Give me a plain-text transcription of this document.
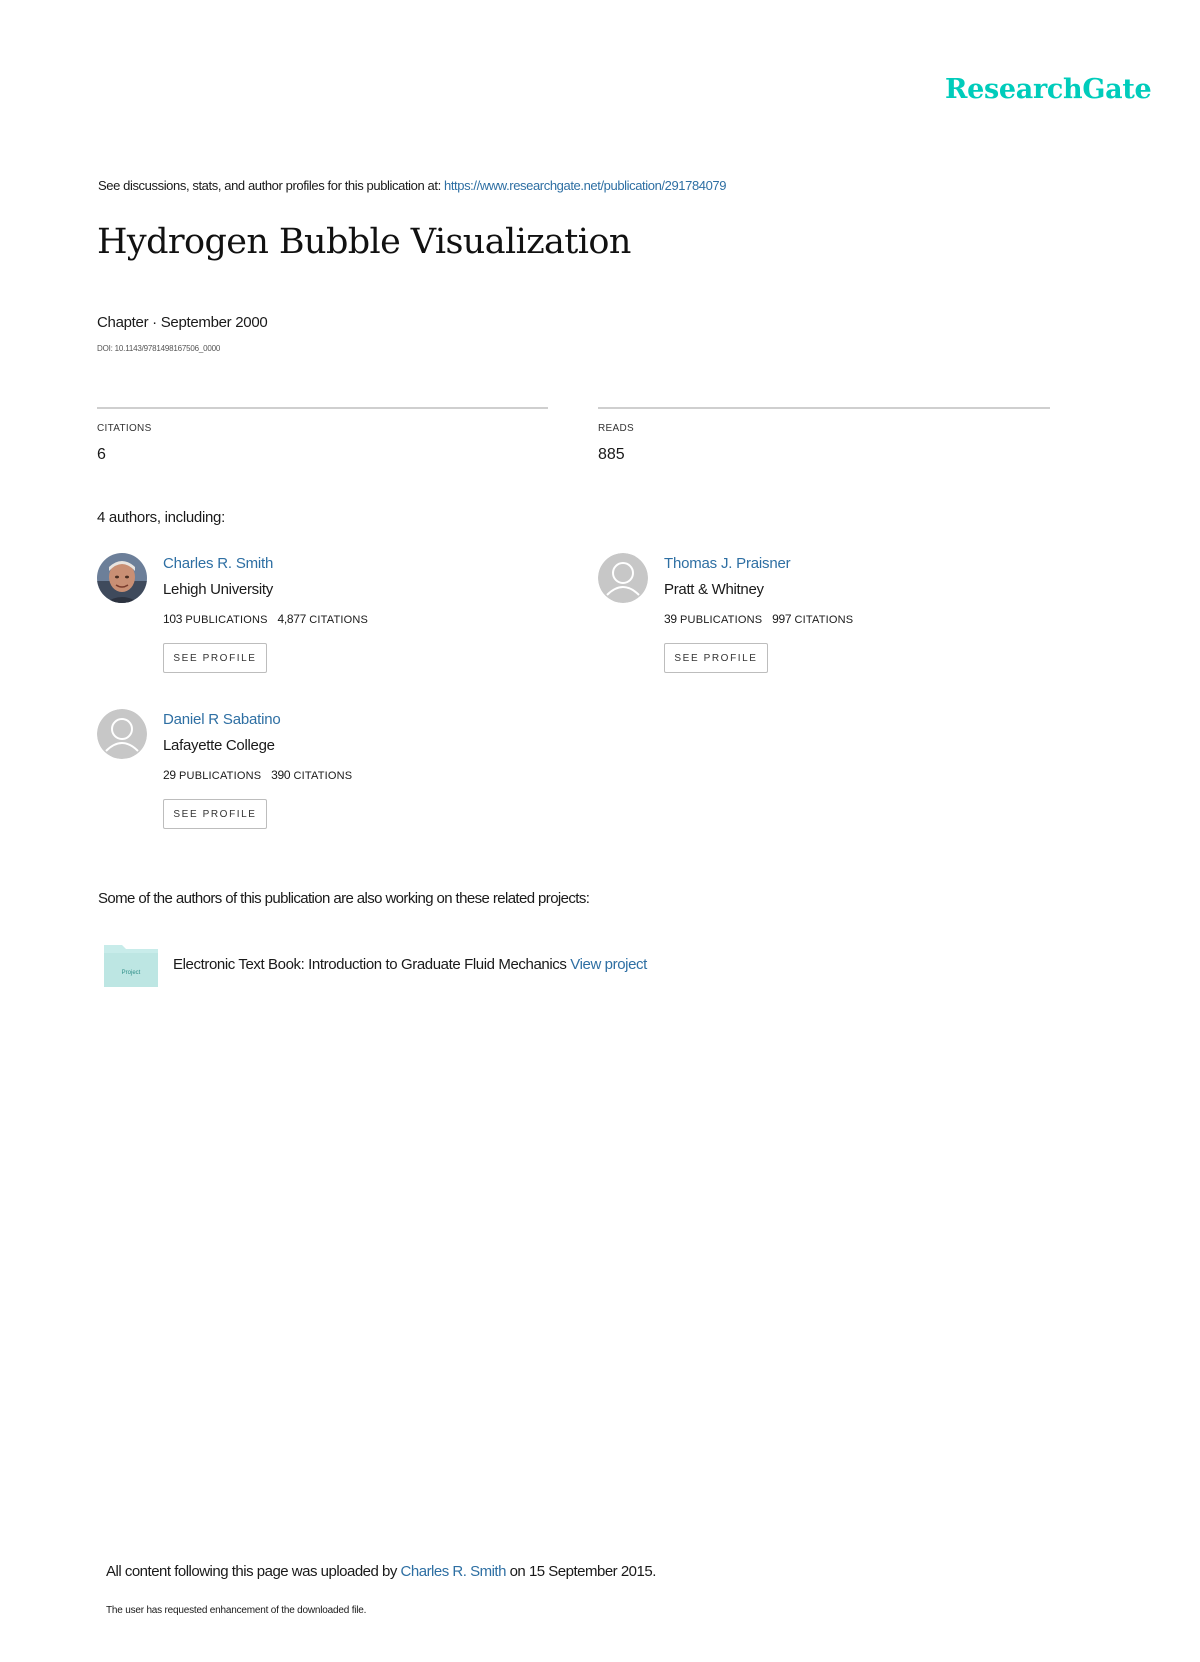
ResearchGate
See discussions, stats, and author profiles for this publication at: https://www.researchgate.net/publication/291784079
Hydrogen Bubble Visualization
Chapter · September 2000
DOI: 10.1143/9781498167506_0000
CITATIONS
6
READS
885
4 authors, including:
Charles R. Smith
Lehigh University
103 PUBLICATIONS 4,877 CITATIONS
SEE PROFILE
Thomas J. Praisner
Pratt & Whitney
39 PUBLICATIONS 997 CITATIONS
SEE PROFILE
Daniel R Sabatino
Lafayette College
29 PUBLICATIONS 390 CITATIONS
SEE PROFILE
Some of the authors of this publication are also working on these related projects:
Project Electronic Text Book: Introduction to Graduate Fluid Mechanics View project
All content following this page was uploaded by Charles R. Smith on 15 September 2015.
The user has requested enhancement of the downloaded file.
